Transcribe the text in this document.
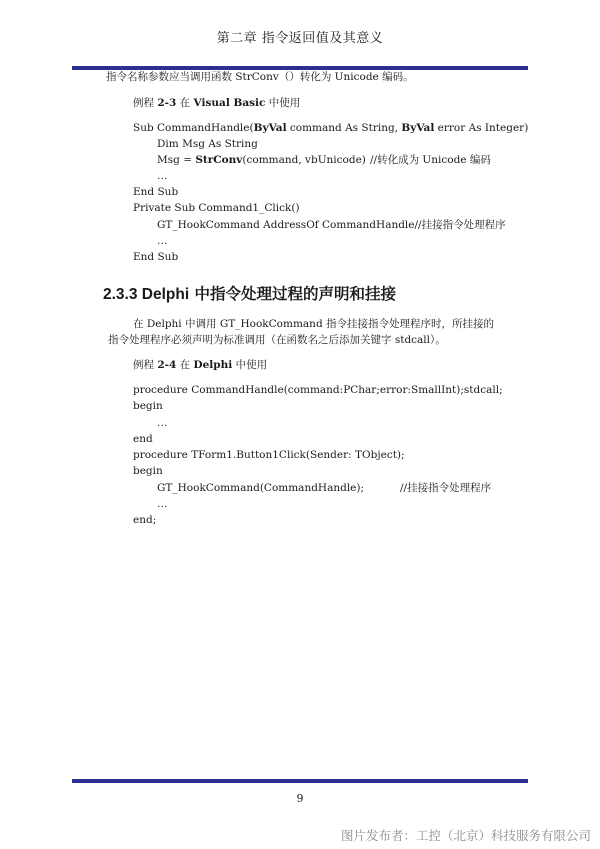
第二章 指令返回值及其意义
指令名称参数应当调用函数 StrConv（）转化为 Unicode 编码。
例程 2-3 在 Visual Basic 中使用
Sub CommandHandle(ByVal command As String, ByVal error As Integer)
Dim Msg As String
Msg = StrConv(command, vbUnicode) //转化成为 Unicode 编码
…
End Sub
Private Sub Command1_Click()
GT_HookCommand AddressOf CommandHandle//挂接指令处理程序
…
End Sub
2.3.3 Delphi 中指令处理过程的声明和挂接
在 Delphi 中调用 GT_HookCommand 指令挂接指令处理程序时，所挂接的
指令处理程序必须声明为标准调用（在函数名之后添加关键字 stdcall）。
例程 2-4 在 Delphi 中使用
procedure CommandHandle(command:PChar;error:SmallInt);stdcall;
begin
…
end
procedure TForm1.Button1Click(Sender: TObject);
begin
GT_HookCommand(CommandHandle);	//挂接指令处理程序
…
end;
9
图片发布者：工控（北京）科技服务有限公司
